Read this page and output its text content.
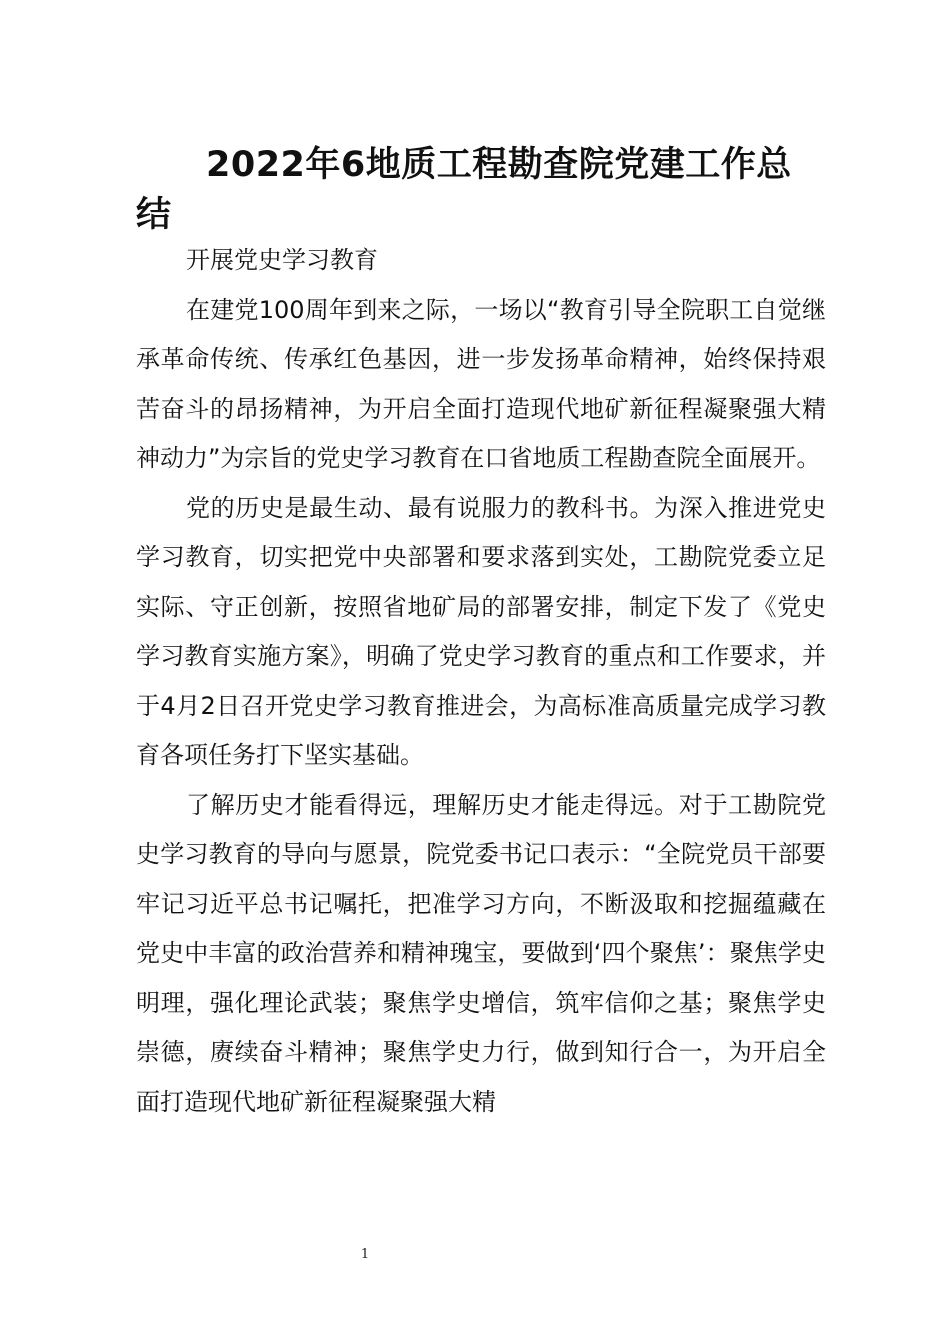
2022年6地质工程勘查院党建工作总结

开展党史学习教育

在建党100周年到来之际，一场以“教育引导全院职工自觉继承革命传统、传承红色基因，进一步发扬革命精神，始终保持艰苦奋斗的昂扬精神，为开启全面打造现代地矿新征程凝聚强大精神动力”为宗旨的党史学习教育在口省地质工程勘查院全面展开。

党的历史是最生动、最有说服力的教科书。为深入推进党史学习教育，切实把党中央部署和要求落到实处，工勘院党委立足实际、守正创新，按照省地矿局的部署安排，制定下发了《党史学习教育实施方案》，明确了党史学习教育的重点和工作要求，并于4月2日召开党史学习教育推进会，为高标准高质量完成学习教育各项任务打下坚实基础。

了解历史才能看得远，理解历史才能走得远。对于工勘院党史学习教育的导向与愿景，院党委书记口表示：“全院党员干部要牢记习近平总书记嘱托，把准学习方向，不断汲取和挖掘蕴藏在党史中丰富的政治营养和精神瑰宝，要做到‘四个聚焦’：聚焦学史明理，强化理论武装；聚焦学史增信，筑牢信仰之基；聚焦学史崇德，赓续奋斗精神；聚焦学史力行，做到知行合一，为开启全面打造现代地矿新征程凝聚强大精

1
